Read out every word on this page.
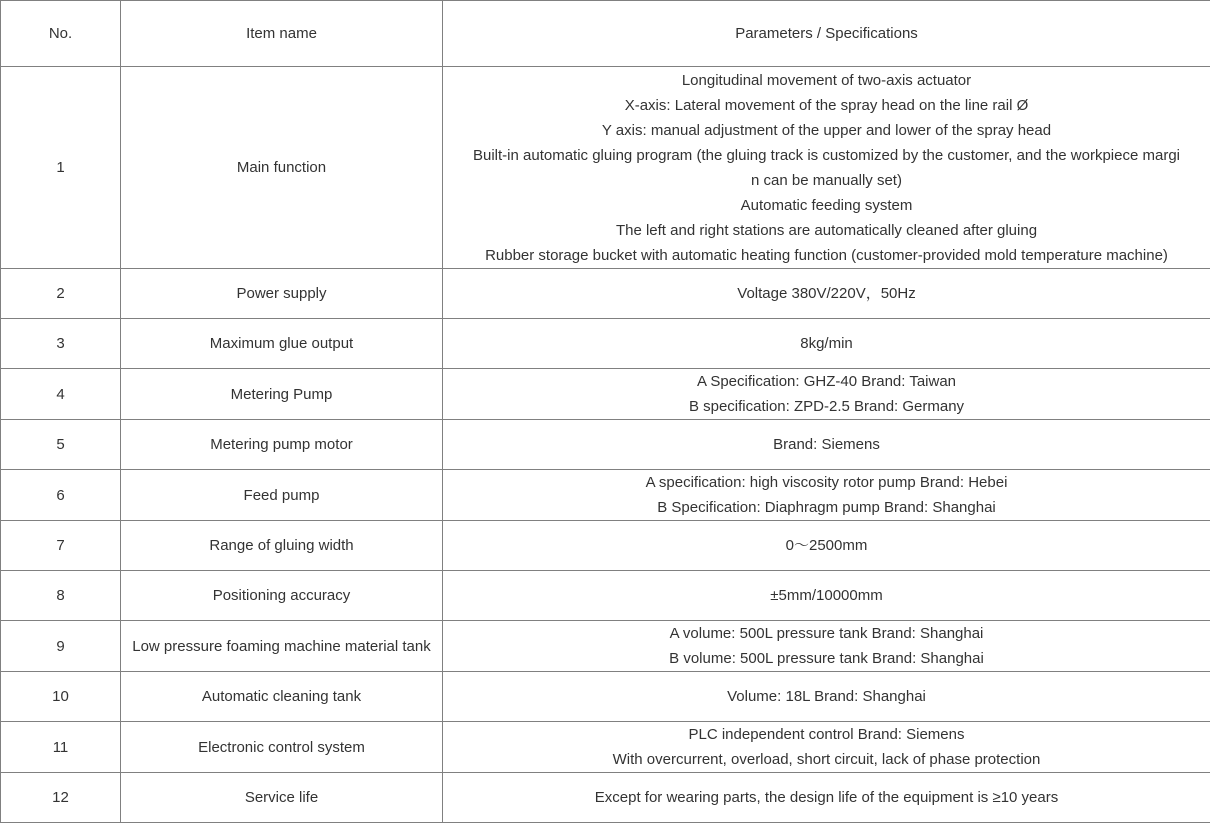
No.	Item name	Parameters / Specifications
1	Main function	
Longitudinal movement of two-axis actuator
X-axis: Lateral movement of the spray head on the line rail Ø
Y axis: manual adjustment of the upper and lower of the spray head
Built-in automatic gluing program (the gluing track is customized by the customer, and the workpiece margi
n can be manually set)
Automatic feeding system
The left and right stations are automatically cleaned after gluing
Rubber storage bucket with automatic heating function (customer-provided mold temperature machine)

2	Power supply	Voltage 380V/220V，50Hz

3	Maximum glue output	8kg/min

4	Metering Pump	A Specification: GHZ-40 Brand: Taiwan
B specification: ZPD-2.5 Brand: Germany

5	Metering pump motor	Brand: Siemens

6	Feed pump	A specification: high viscosity rotor pump Brand: Hebei
B Specification: Diaphragm pump Brand: Shanghai

7	Range of gluing width	0～2500mm

8	Positioning accuracy	±5mm/10000mm

9	Low pressure foaming machine material tank	A volume: 500L pressure tank Brand: Shanghai
B volume: 500L pressure tank Brand: Shanghai

10	Automatic cleaning tank	Volume: 18L Brand: Shanghai

11	Electronic control system	PLC independent control Brand: Siemens
With overcurrent, overload, short circuit, lack of phase protection

12	Service life	Except for wearing parts, the design life of the equipment is ≥10 years
